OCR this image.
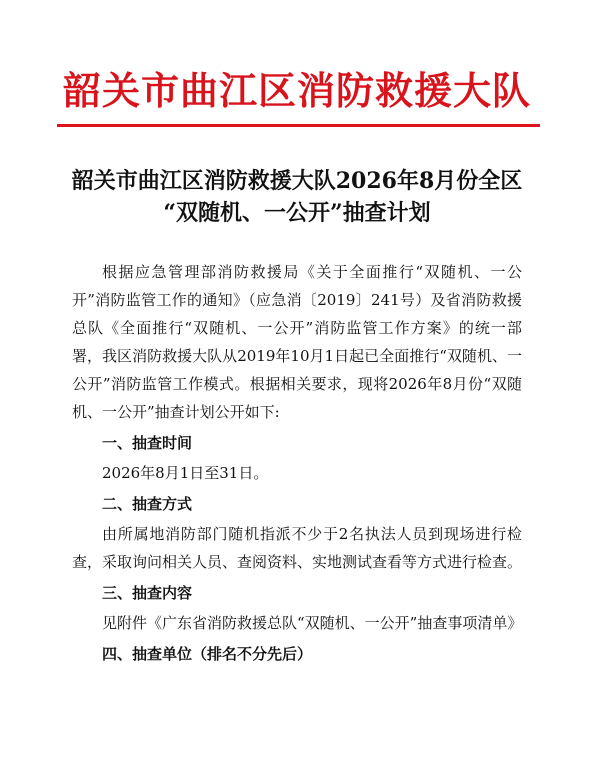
韶关市曲江区消防救援大队
韶关市曲江区消防救援大队2026年8月份全区
“双随机、一公开”抽查计划

根据应急管理部消防救援局《关于全面推行“双随机、一公开”消防监管工作的通知》（应急消〔2019〕241号）及省消防救援总队《全面推行“双随机、一公开”消防监管工作方案》的统一部署，我区消防救援大队从2019年10月1日起已全面推行“双随机、一公开”消防监管工作模式。根据相关要求，现将2026年8月份“双随机、一公开”抽查计划公开如下:

一、抽查时间

2026年8月1日至31日。

二、抽查方式

由所属地消防部门随机指派不少于2名执法人员到现场进行检查，采取询问相关人员、查阅资料、实地测试查看等方式进行检查。

三、抽查内容

见附件《广东省消防救援总队“双随机、一公开”抽查事项清单》

四、抽查单位（排名不分先后）
